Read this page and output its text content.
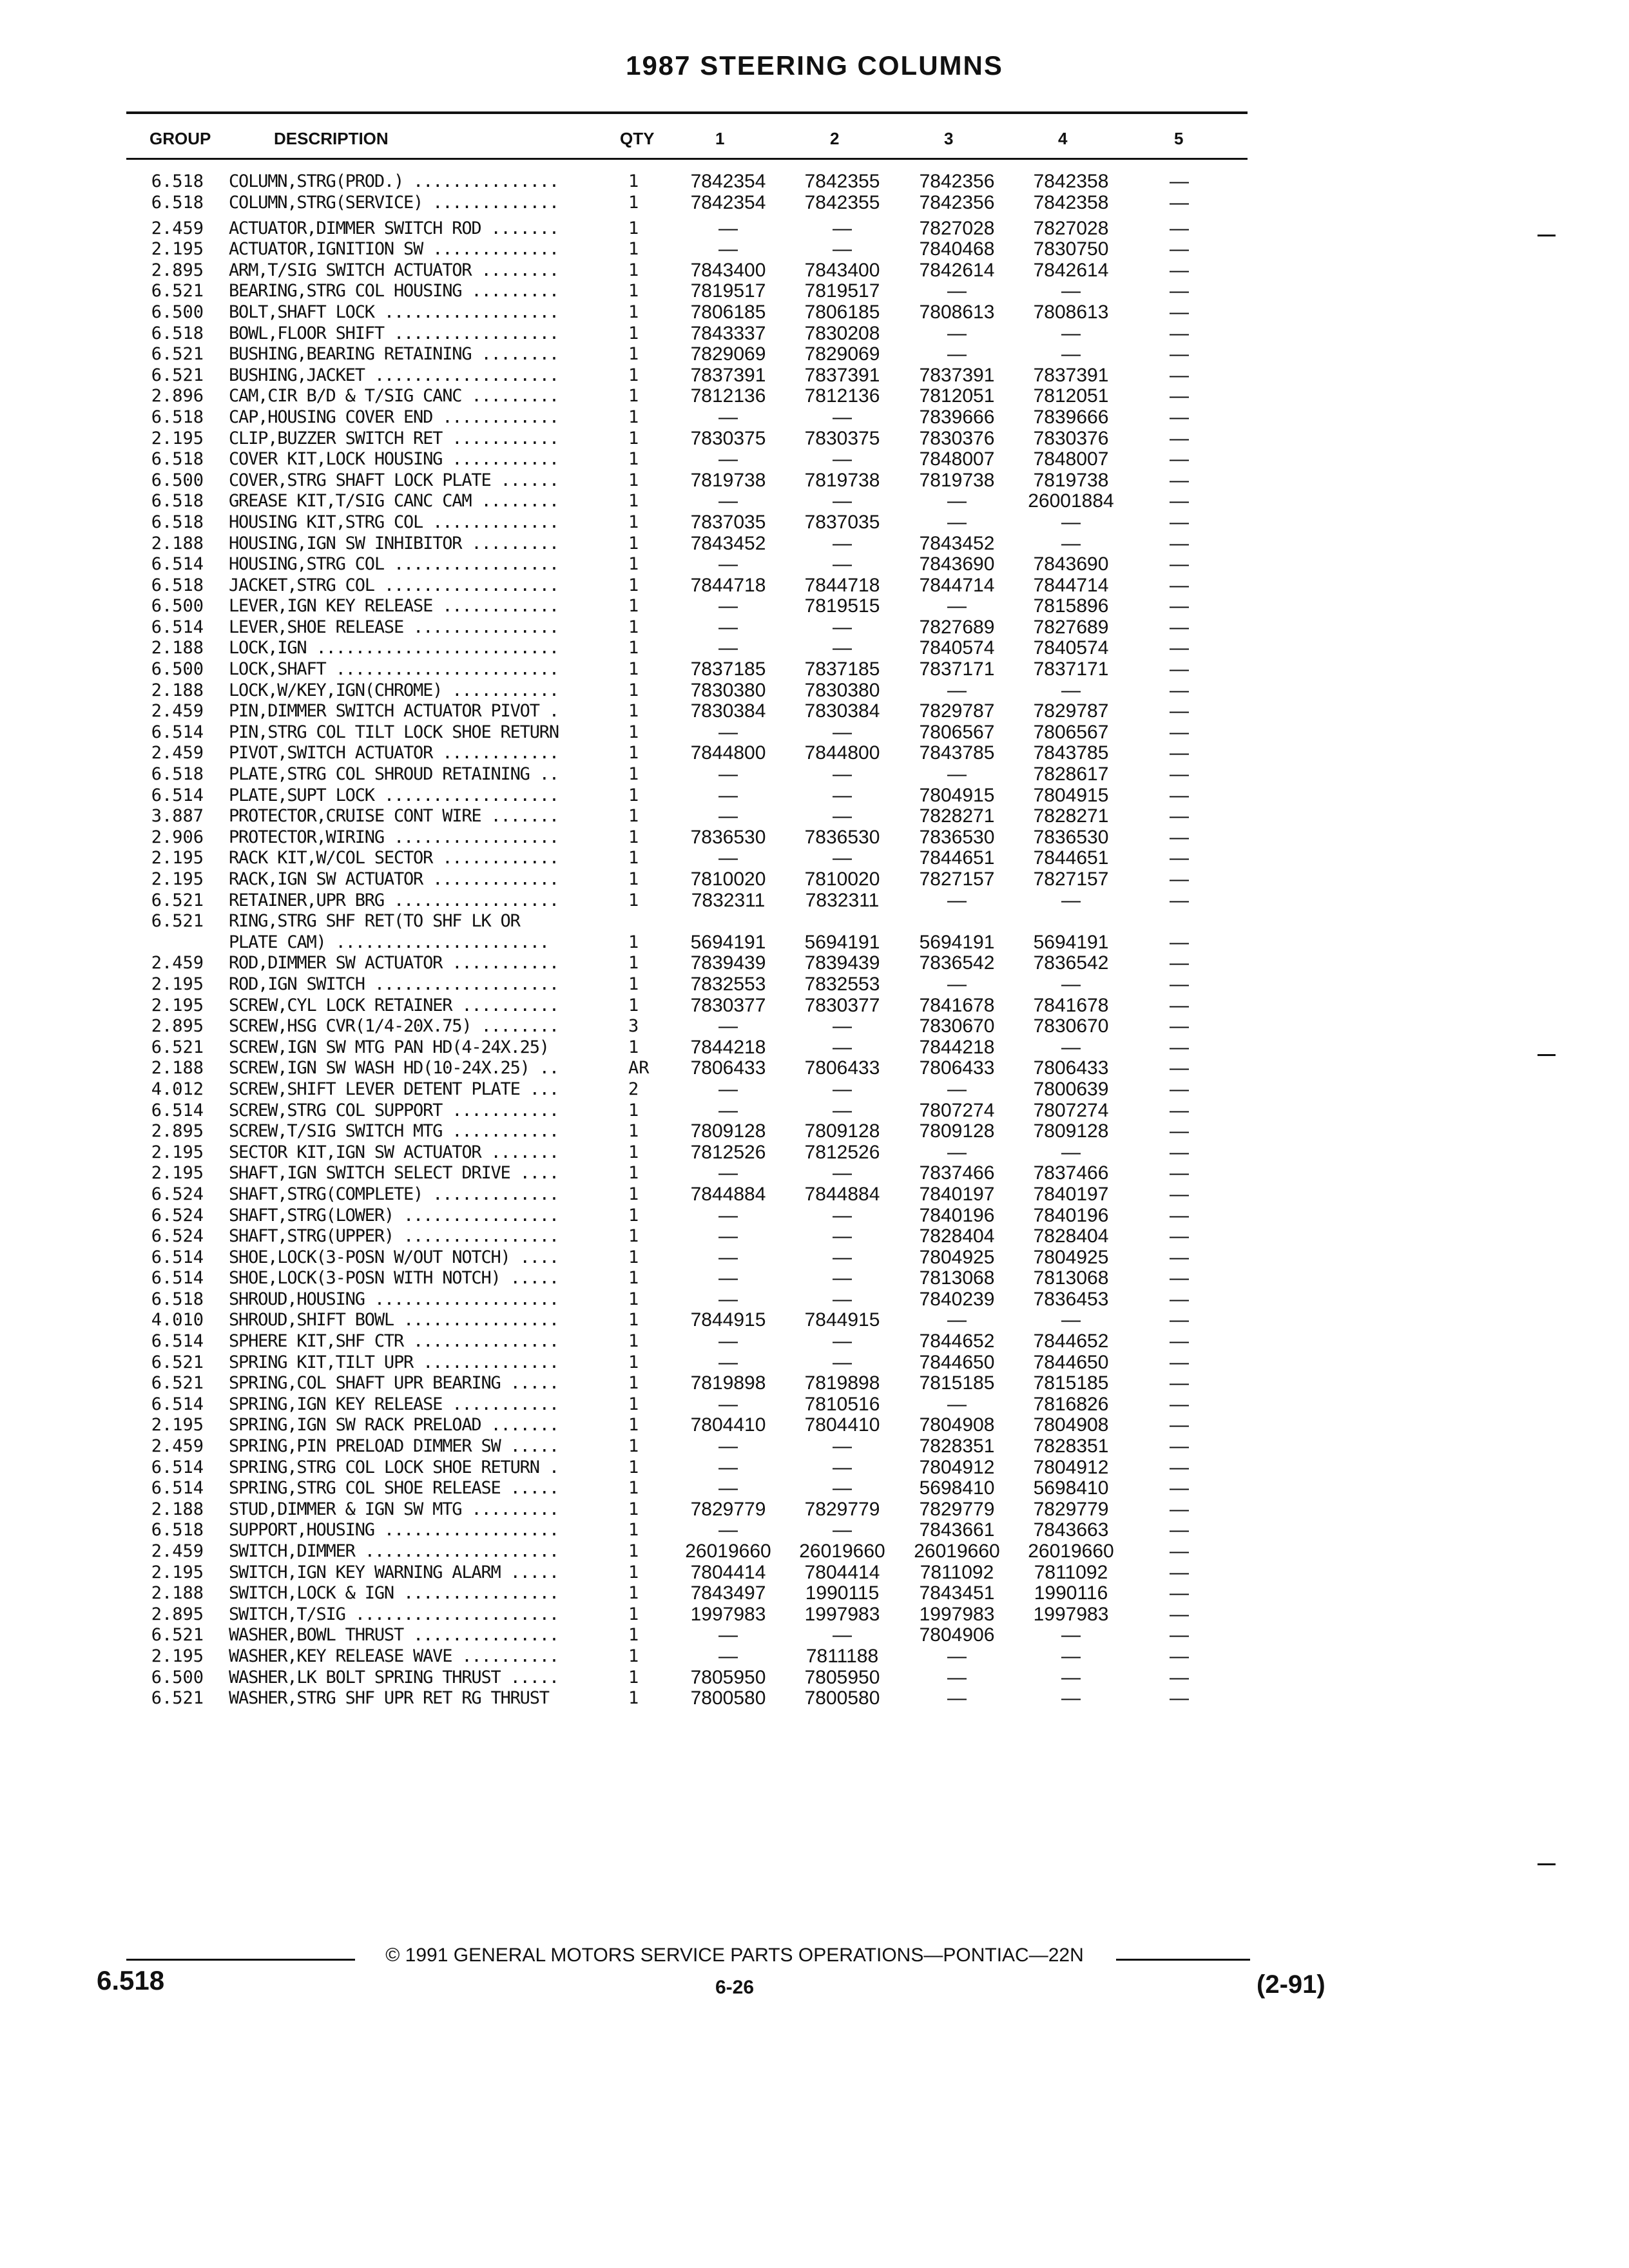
1987 STEERING COLUMNS
GROUP	DESCRIPTION	QTY	1	2	3	4	5
6.518 COLUMN,STRG(PROD.) ...............	1	7842354	7842355	7842356	7842358	—
6.518 COLUMN,STRG(SERVICE) .............	1	7842354	7842355	7842356	7842358	—
2.459 ACTUATOR,DIMMER SWITCH ROD .......	1	—	—	7827028	7827028	—
2.195 ACTUATOR,IGNITION SW .............	1	—	—	7840468	7830750	—
2.895 ARM,T/SIG SWITCH ACTUATOR ........	1	7843400	7843400	7842614	7842614	—
6.521 BEARING,STRG COL HOUSING .........	1	7819517	7819517	—	—	—
6.500 BOLT,SHAFT LOCK ..................	1	7806185	7806185	7808613	7808613	—
6.518 BOWL,FLOOR SHIFT .................	1	7843337	7830208	—	—	—
6.521 BUSHING,BEARING RETAINING ........	1	7829069	7829069	—	—	—
6.521 BUSHING,JACKET ...................	1	7837391	7837391	7837391	7837391	—
2.896 CAM,CIR B/D & T/SIG CANC .........	1	7812136	7812136	7812051	7812051	—
6.518 CAP,HOUSING COVER END ............	1	—	—	7839666	7839666	—
2.195 CLIP,BUZZER SWITCH RET ...........	1	7830375	7830375	7830376	7830376	—
6.518 COVER KIT,LOCK HOUSING ...........	1	—	—	7848007	7848007	—
6.500 COVER,STRG SHAFT LOCK PLATE ......	1	7819738	7819738	7819738	7819738	—
6.518 GREASE KIT,T/SIG CANC CAM ........	1	—	—	—	26001884	—
6.518 HOUSING KIT,STRG COL .............	1	7837035	7837035	—	—	—
2.188 HOUSING,IGN SW INHIBITOR .........	1	7843452	—	7843452	—	—
6.514 HOUSING,STRG COL .................	1	—	—	7843690	7843690	—
6.518 JACKET,STRG COL ..................	1	7844718	7844718	7844714	7844714	—
6.500 LEVER,IGN KEY RELEASE ............	1	—	7819515	—	7815896	—
6.514 LEVER,SHOE RELEASE ...............	1	—	—	7827689	7827689	—
2.188 LOCK,IGN .........................	1	—	—	7840574	7840574	—
6.500 LOCK,SHAFT .......................	1	7837185	7837185	7837171	7837171	—
2.188 LOCK,W/KEY,IGN(CHROME) ...........	1	7830380	7830380	—	—	—
2.459 PIN,DIMMER SWITCH ACTUATOR PIVOT .	1	7830384	7830384	7829787	7829787	—
6.514 PIN,STRG COL TILT LOCK SHOE RETURN	1	—	—	7806567	7806567	—
2.459 PIVOT,SWITCH ACTUATOR ............	1	7844800	7844800	7843785	7843785	—
6.518 PLATE,STRG COL SHROUD RETAINING ..	1	—	—	—	7828617	—
6.514 PLATE,SUPT LOCK ..................	1	—	—	7804915	7804915	—
3.887 PROTECTOR,CRUISE CONT WIRE .......	1	—	—	7828271	7828271	—
2.906 PROTECTOR,WIRING .................	1	7836530	7836530	7836530	7836530	—
2.195 RACK KIT,W/COL SECTOR ............	1	—	—	7844651	7844651	—
2.195 RACK,IGN SW ACTUATOR .............	1	7810020	7810020	7827157	7827157	—
6.521 RETAINER,UPR BRG .................	1	7832311	7832311	—	—	—
6.521 RING,STRG SHF RET(TO SHF LK OR
PLATE CAM) ......................	1	5694191	5694191	5694191	5694191	—
2.459 ROD,DIMMER SW ACTUATOR ...........	1	7839439	7839439	7836542	7836542	—
2.195 ROD,IGN SWITCH ...................	1	7832553	7832553	—	—	—
2.195 SCREW,CYL LOCK RETAINER ..........	1	7830377	7830377	7841678	7841678	—
2.895 SCREW,HSG CVR(1/4-20X.75) ........	3	—	—	7830670	7830670	—
6.521 SCREW,IGN SW MTG PAN HD(4-24X.25)	1	7844218	—	7844218	—	—
2.188 SCREW,IGN SW WASH HD(10-24X.25) ..	AR	7806433	7806433	7806433	7806433	—
4.012 SCREW,SHIFT LEVER DETENT PLATE ...	2	—	—	—	7800639	—
6.514 SCREW,STRG COL SUPPORT ...........	1	—	—	7807274	7807274	—
2.895 SCREW,T/SIG SWITCH MTG ...........	1	7809128	7809128	7809128	7809128	—
2.195 SECTOR KIT,IGN SW ACTUATOR .......	1	7812526	7812526	—	—	—
2.195 SHAFT,IGN SWITCH SELECT DRIVE ....	1	—	—	7837466	7837466	—
6.524 SHAFT,STRG(COMPLETE) .............	1	7844884	7844884	7840197	7840197	—
6.524 SHAFT,STRG(LOWER) ................	1	—	—	7840196	7840196	—
6.524 SHAFT,STRG(UPPER) ................	1	—	—	7828404	7828404	—
6.514 SHOE,LOCK(3-POSN W/OUT NOTCH) ....	1	—	—	7804925	7804925	—
6.514 SHOE,LOCK(3-POSN WITH NOTCH) .....	1	—	—	7813068	7813068	—
6.518 SHROUD,HOUSING ...................	1	—	—	7840239	7836453	—
4.010 SHROUD,SHIFT BOWL ................	1	7844915	7844915	—	—	—
6.514 SPHERE KIT,SHF CTR ...............	1	—	—	7844652	7844652	—
6.521 SPRING KIT,TILT UPR ..............	1	—	—	7844650	7844650	—
6.521 SPRING,COL SHAFT UPR BEARING .....	1	7819898	7819898	7815185	7815185	—
6.514 SPRING,IGN KEY RELEASE ...........	1	—	7810516	—	7816826	—
2.195 SPRING,IGN SW RACK PRELOAD .......	1	7804410	7804410	7804908	7804908	—
2.459 SPRING,PIN PRELOAD DIMMER SW .....	1	—	—	7828351	7828351	—
6.514 SPRING,STRG COL LOCK SHOE RETURN .	1	—	—	7804912	7804912	—
6.514 SPRING,STRG COL SHOE RELEASE .....	1	—	—	5698410	5698410	—
2.188 STUD,DIMMER & IGN SW MTG .........	1	7829779	7829779	7829779	7829779	—
6.518 SUPPORT,HOUSING ..................	1	—	—	7843661	7843663	—
2.459 SWITCH,DIMMER ....................	1	26019660	26019660	26019660	26019660	—
2.195 SWITCH,IGN KEY WARNING ALARM .....	1	7804414	7804414	7811092	7811092	—
2.188 SWITCH,LOCK & IGN ................	1	7843497	1990115	7843451	1990116	—
2.895 SWITCH,T/SIG .....................	1	1997983	1997983	1997983	1997983	—
6.521 WASHER,BOWL THRUST ...............	1	—	—	7804906	—	—
2.195 WASHER,KEY RELEASE WAVE ..........	1	—	7811188	—	—	—
6.500 WASHER,LK BOLT SPRING THRUST .....	1	7805950	7805950	—	—	—
6.521 WASHER,STRG SHF UPR RET RG THRUST	1	7800580	7800580	—	—	—
© 1991 GENERAL MOTORS SERVICE PARTS OPERATIONS—PONTIAC—22N
6-26
6.518	(2-91)
